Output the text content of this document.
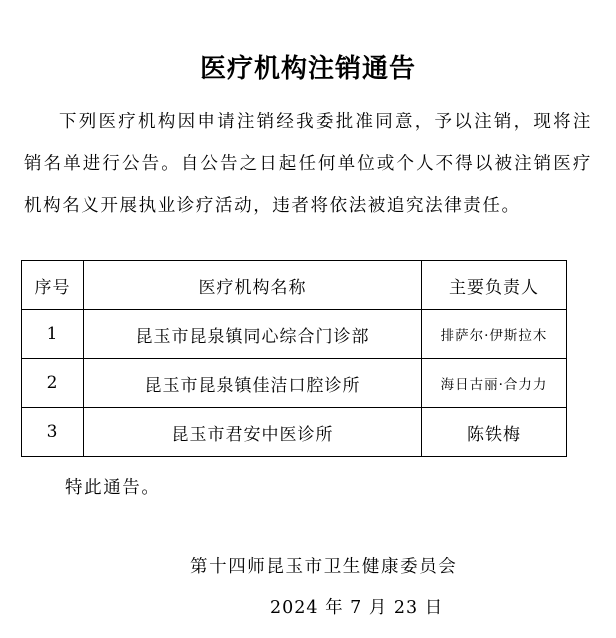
医疗机构注销通告
下列医疗机构因申请注销经我委批准同意，予以注销，现将注销名单进行公告。自公告之日起任何单位或个人不得以被注销医疗机构名义开展执业诊疗活动，违者将依法被追究法律责任。
序号	医疗机构名称	主要负责人
1	昆玉市昆泉镇同心综合门诊部	排萨尔·伊斯拉木
2	昆玉市昆泉镇佳洁口腔诊所	海日古丽·合力力
3	昆玉市君安中医诊所	陈铁梅
特此通告。
第十四师昆玉市卫生健康委员会
2024 年 7 月 23 日
